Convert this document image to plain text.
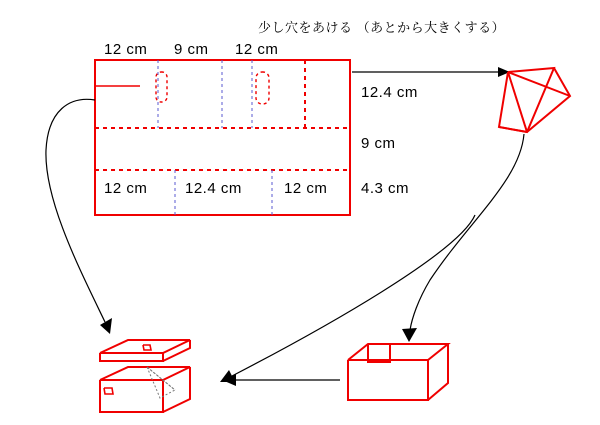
少し穴をあける （あとから大きくする）
12 cm 9 cm 12 cm
12.4 cm
9 cm
4.3 cm
12 cm	12.4 cm	12 cm
